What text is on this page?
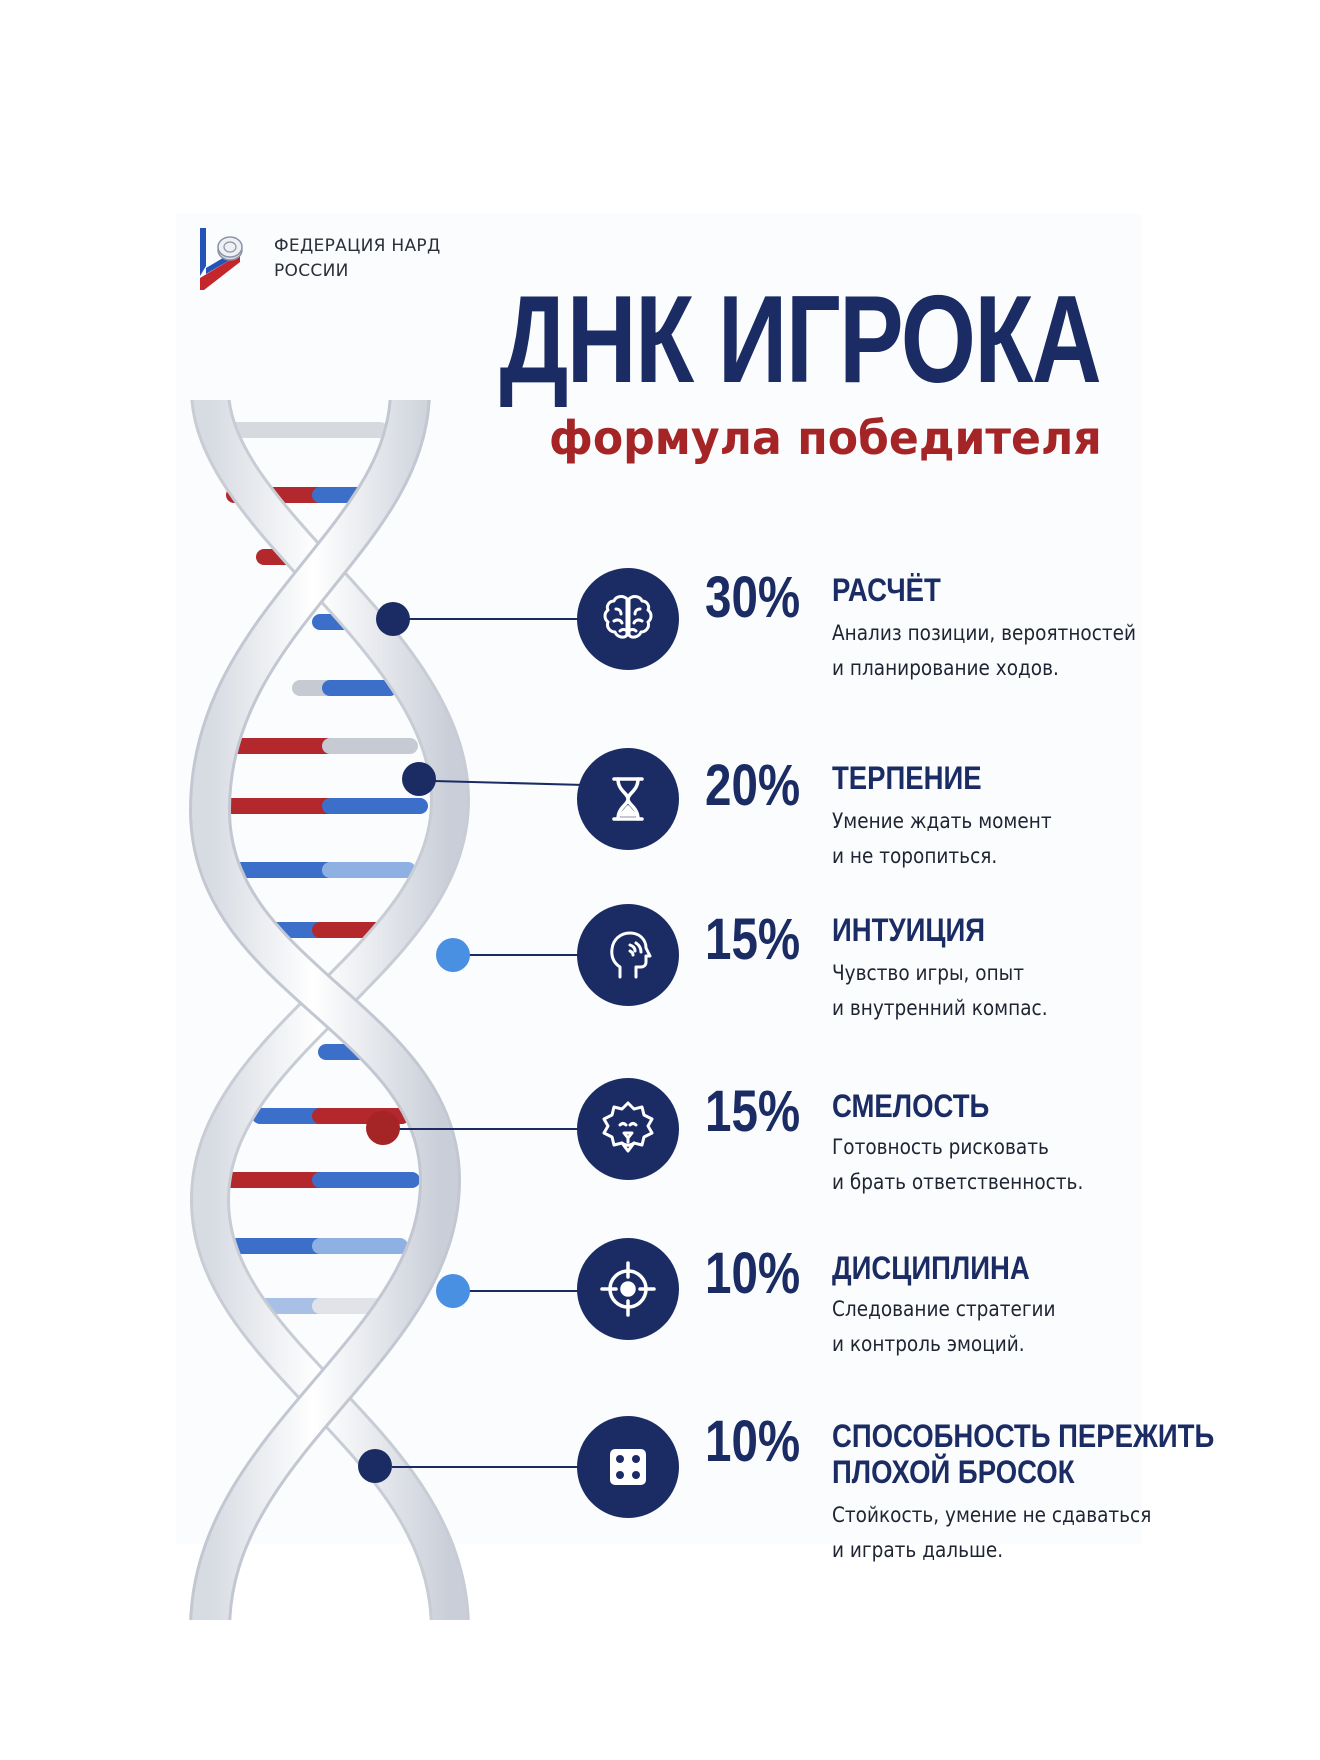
ФЕДЕРАЦИЯ НАРД
РОССИИ	ДНК ИГРОКА
формула победителя
30% РАСЧЁТ
Анализ позиции, вероятностей
и планирование ходов.
20% ТЕРПЕНИЕ
Умение ждать момент
и не торопиться.
15% ИНТУИЦИЯ
Чувство игры, опыт
и внутренний компас.
15% СМЕЛОСТЬ
Готовность рисковать
и брать ответственность.
10% ДИСЦИПЛИНА
Следование стратегии
и контроль эмоций.
10% СПОСОБНОСТЬ ПЕРЕЖИТЬ
ПЛОХОЙ БРОСОК
Стойкость, умение не сдаваться
и играть дальше.
